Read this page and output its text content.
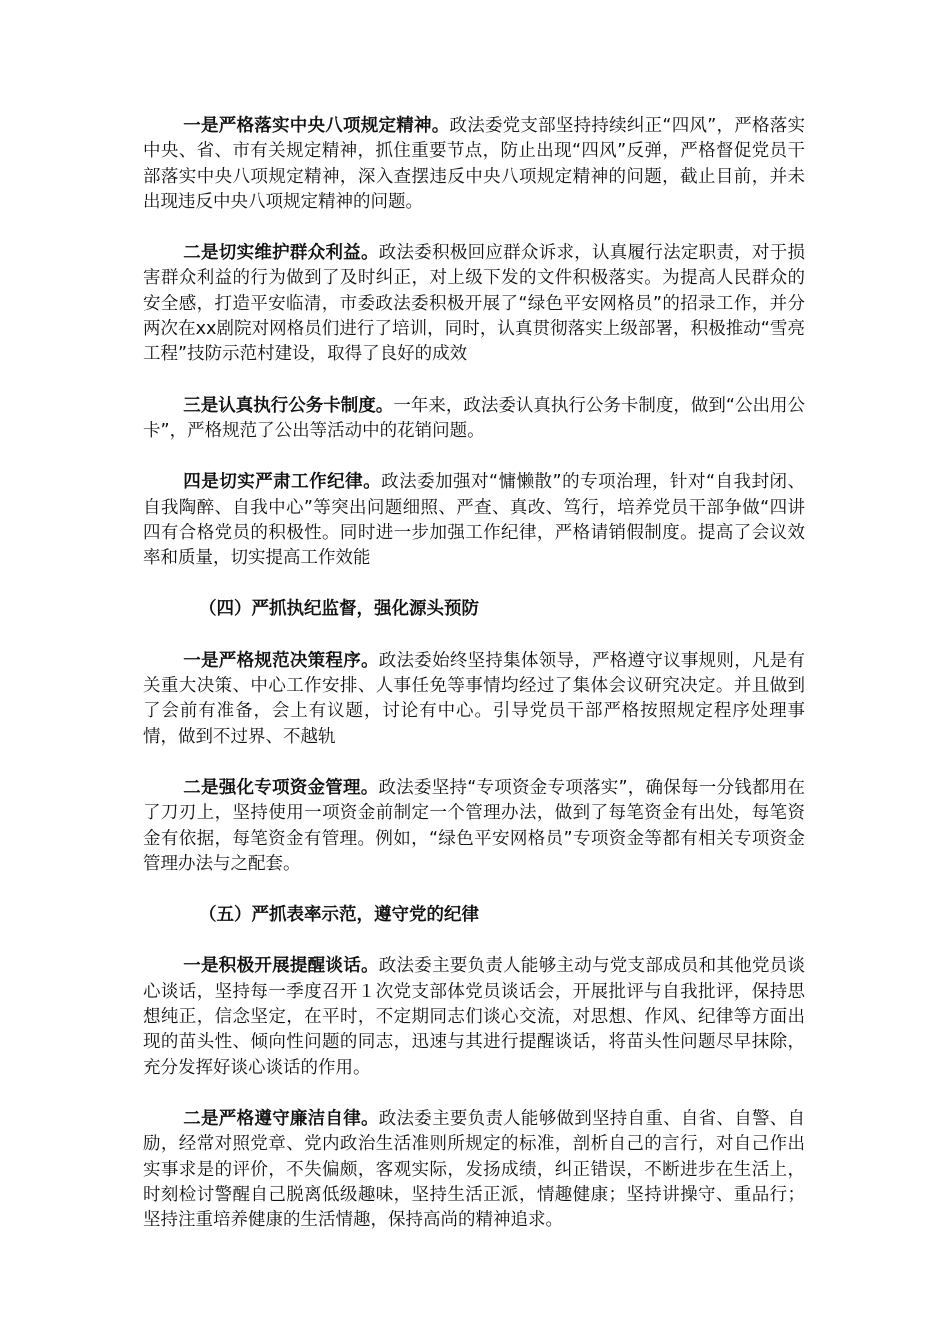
一是严格落实中央八项规定精神。政法委党支部坚持持续纠正“四风”，严格落实中央、省、市有关规定精神，抓住重要节点，防止出现“四风”反弹，严格督促党员干部落实中央八项规定精神，深入查摆违反中央八项规定精神的问题，截止目前，并未出现违反中央八项规定精神的问题。

二是切实维护群众利益。政法委积极回应群众诉求，认真履行法定职责，对于损害群众利益的行为做到了及时纠正，对上级下发的文件积极落实。为提高人民群众的安全感，打造平安临清，市委政法委积极开展了“绿色平安网格员”的招录工作，并分两次在xx剧院对网格员们进行了培训，同时，认真贯彻落实上级部署，积极推动“雪亮工程”技防示范村建设，取得了良好的成效

三是认真执行公务卡制度。一年来，政法委认真执行公务卡制度，做到“公出用公卡”，严格规范了公出等活动中的花销问题。

四是切实严肃工作纪律。政法委加强对“慵懒散”的专项治理，针对“自我封闭、自我陶醉、自我中心”等突出问题细照、严查、真改、笃行，培养党员干部争做“四讲四有合格党员的积极性。同时进一步加强工作纪律，严格请销假制度。提高了会议效率和质量，切实提高工作效能

（四）严抓执纪监督，强化源头预防

一是严格规范决策程序。政法委始终坚持集体领导，严格遵守议事规则，凡是有关重大决策、中心工作安排、人事任免等事情均经过了集体会议研究决定。并且做到了会前有准备，会上有议题，讨论有中心。引导党员干部严格按照规定程序处理事情，做到不过界、不越轨

二是强化专项资金管理。政法委坚持“专项资金专项落实”，确保每一分钱都用在了刀刃上，坚持使用一项资金前制定一个管理办法，做到了每笔资金有出处，每笔资金有依据，每笔资金有管理。例如，“绿色平安网格员”专项资金等都有相关专项资金管理办法与之配套。

（五）严抓表率示范，遵守党的纪律

一是积极开展提醒谈话。政法委主要负责人能够主动与党支部成员和其他党员谈心谈话，坚持每一季度召开１次党支部体党员谈话会，开展批评与自我批评，保持思想纯正，信念坚定，在平时，不定期同志们谈心交流，对思想、作风、纪律等方面出现的苗头性、倾向性问题的同志，迅速与其进行提醒谈话，将苗头性问题尽早抹除，充分发挥好谈心谈话的作用。

二是严格遵守廉洁自律。政法委主要负责人能够做到坚持自重、自省、自警、自励，经常对照党章、党内政治生活准则所规定的标准，剖析自己的言行，对自己作出实事求是的评价，不失偏颇，客观实际，发扬成绩，纠正错误，不断进步在生活上，时刻检讨警醒自己脱离低级趣味，坚持生活正派，情趣健康；坚持讲操守、重品行；坚持注重培养健康的生活情趣，保持高尚的精神追求。
